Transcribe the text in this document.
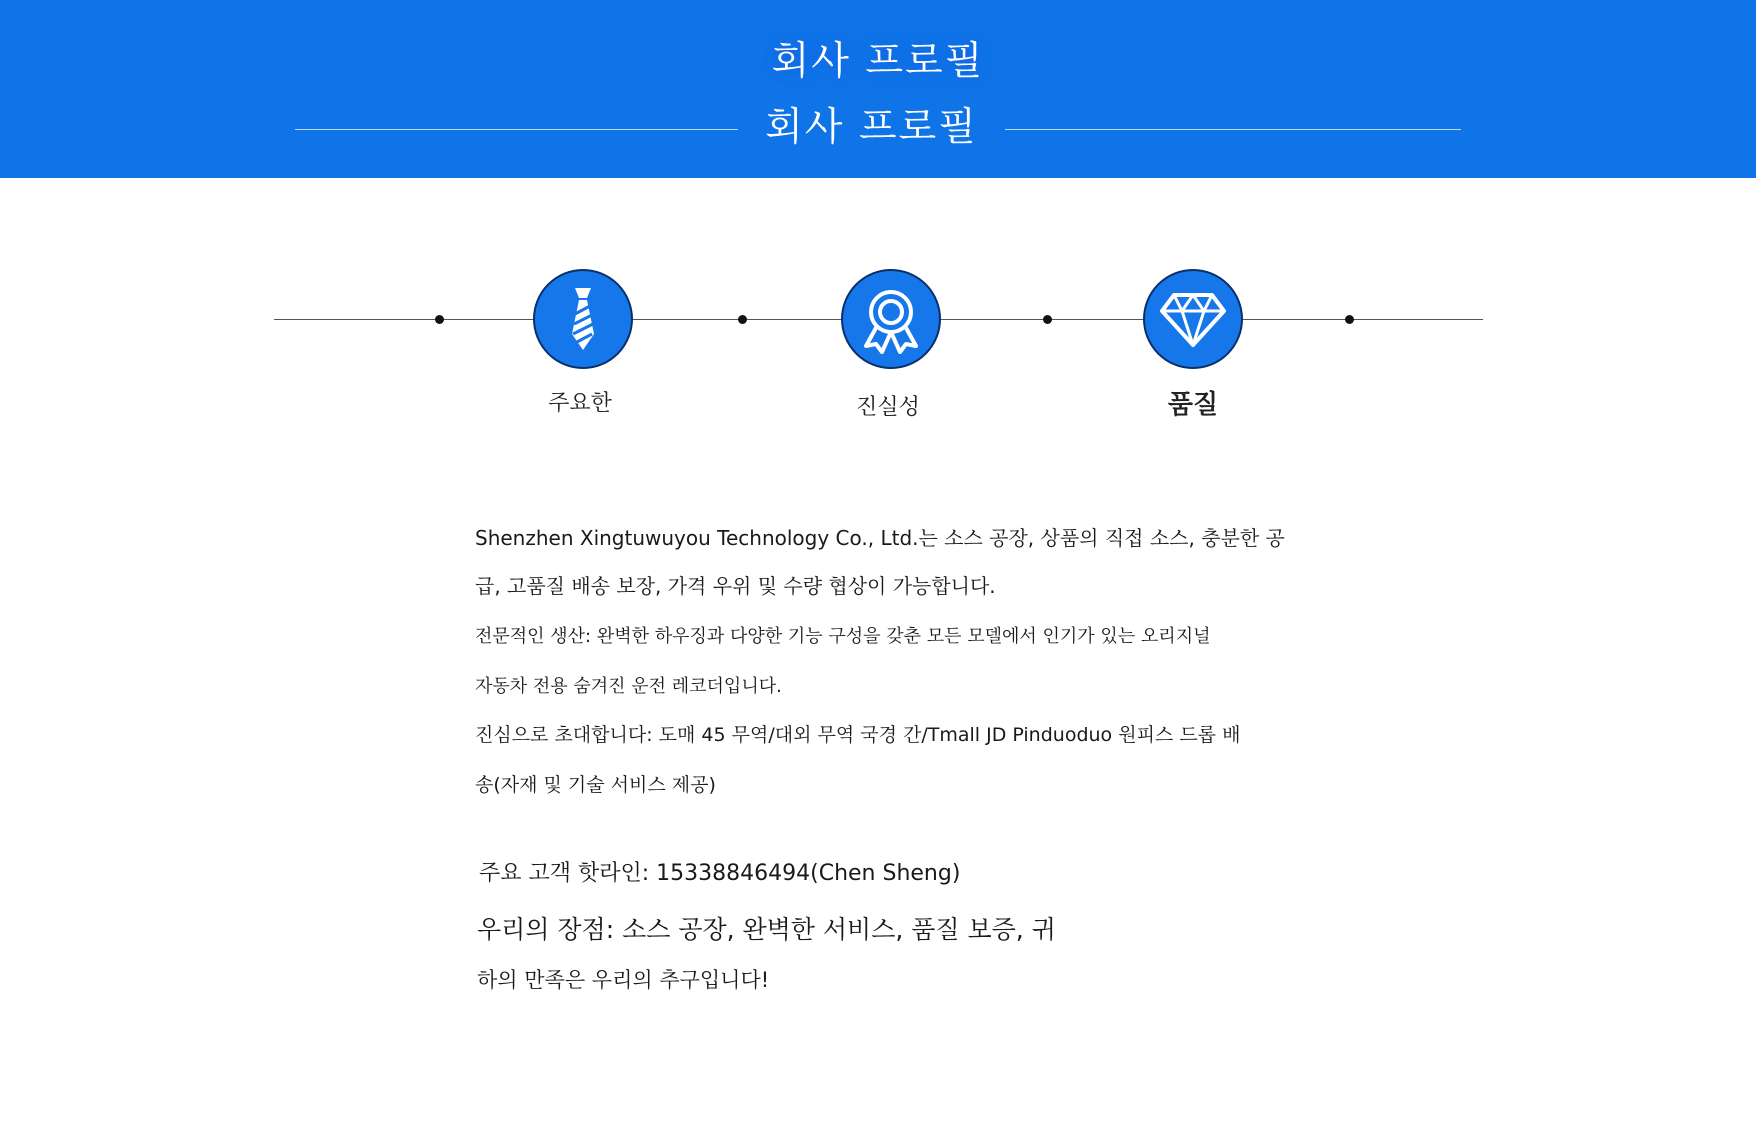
회사 프로필
회사 프로필
주요한	진실성	품질
Shenzhen Xingtuwuyou Technology Co., Ltd.는 소스 공장, 상품의 직접 소스, 충분한 공
급, 고품질 배송 보장, 가격 우위 및 수량 협상이 가능합니다.
전문적인 생산: 완벽한 하우징과 다양한 기능 구성을 갖춘 모든 모델에서 인기가 있는 오리지널
자동차 전용 숨겨진 운전 레코더입니다.
진심으로 초대합니다: 도매 45 무역/대외 무역 국경 간/Tmall JD Pinduoduo 원피스 드롭 배
송(자재 및 기술 서비스 제공)
주요 고객 핫라인: 15338846494(Chen Sheng)
우리의 장점: 소스 공장, 완벽한 서비스, 품질 보증, 귀
하의 만족은 우리의 추구입니다!
